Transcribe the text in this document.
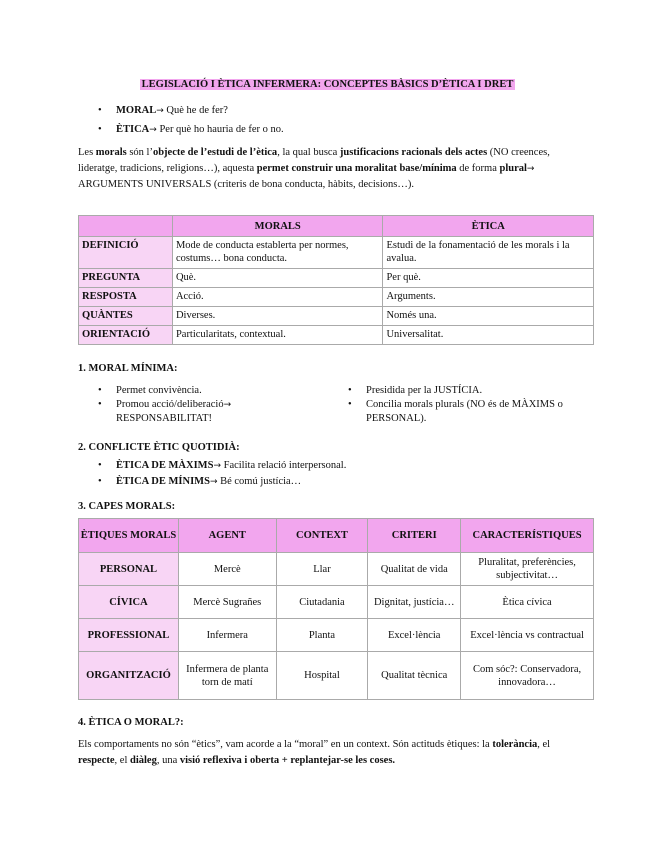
LEGISLACIÓ I ÈTICA INFERMERA: CONCEPTES BÀSICS D’ÈTICA I DRET
• MORAL→ Què he de fer?
• ÈTICA→ Per què ho hauria de fer o no.
Les morals són l’objecte de l’estudi de l’ètica, la qual busca justificacions racionals dels actes (NO creences, lideratge, tradicions, religions…), aquesta permet construir una moralitat base/mínima de forma plural→ ARGUMENTS UNIVERSALS (criteris de bona conducta, hàbits, decisions…).
	MORALS	ÈTICA
DEFINICIÓ	Mode de conducta establerta per normes, costums… bona conducta.	Estudi de la fonamentació de les morals i la avalua.
PREGUNTA	Què.	Per què.
RESPOSTA	Acció.	Arguments.
QUÀNTES	Diverses.	Només una.
ORIENTACIÓ	Particularitats, contextual.	Universalitat.
1. MORAL MÍNIMA:
• Permet convivència.
• Promou acció/deliberació→
RESPONSABILITAT!
• Presidida per la JUSTÍCIA.
• Concilia morals plurals (NO és de MÀXIMS o PERSONAL).
2. CONFLICTE ÈTIC QUOTIDIÀ:
• ÈTICA DE MÀXIMS→ Facilita relació interpersonal.
• ÈTICA DE MÍNIMS→ Bé comú justícia…
3. CAPES MORALS:
ÈTIQUES MORALS	AGENT	CONTEXT	CRITERI	CARACTERÍSTIQUES
PERSONAL	Mercè	Llar	Qualitat de vida	Pluralitat, preferències, subjectivitat…
CÍVICA	Mercè Sugrañes	Ciutadania	Dignitat, justícia…	Ètica cívica
PROFESSIONAL	Infermera	Planta	Excel·lència	Excel·lència vs contractual
ORGANITZACIÓ	Infermera de planta torn de matí	Hospital	Qualitat tècnica	Com sóc?: Conservadora, innovadora…
4. ÈTICA O MORAL?:
Els comportaments no són “ètics”, vam acorde a la “moral” en un context. Són actituds ètiques: la tolerància, el respecte, el diàleg, una visió reflexiva i oberta + replantejar-se les coses.
